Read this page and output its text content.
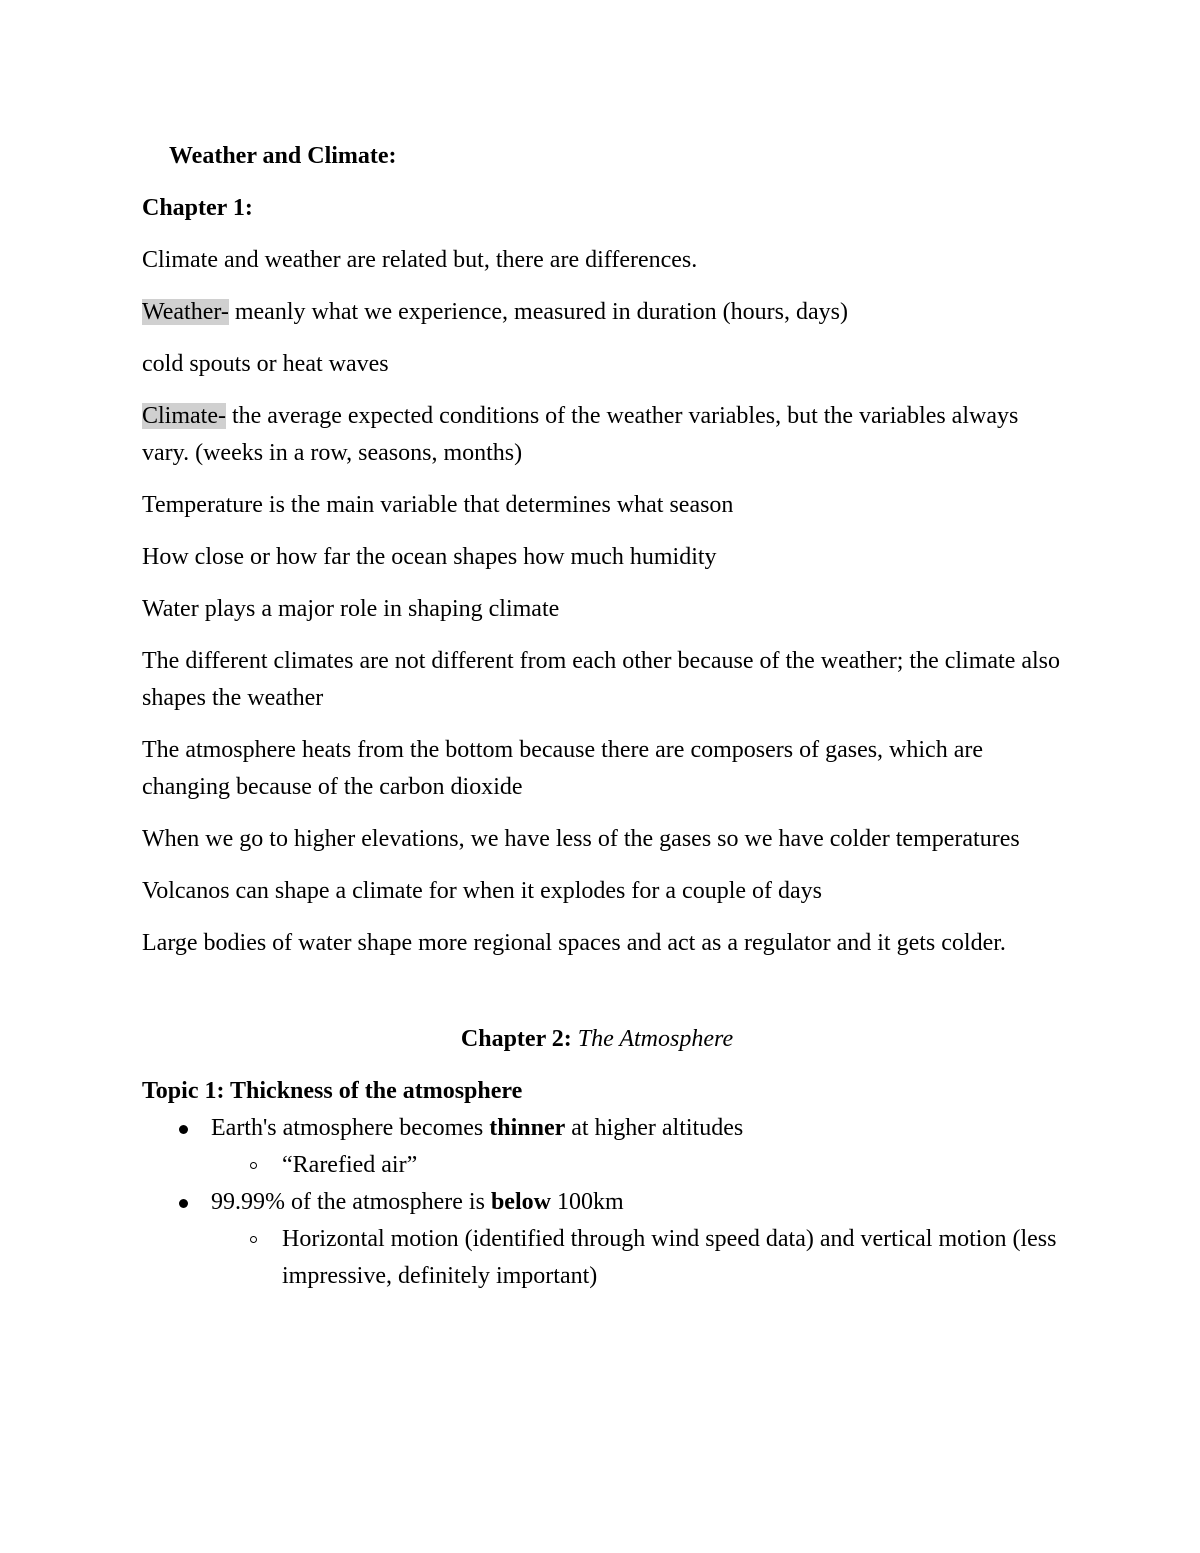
Weather and Climate:
Chapter 1:
Climate and weather are related but, there are differences.
Weather- meanly what we experience, measured in duration (hours, days)
cold spouts or heat waves
Climate- the average expected conditions of the weather variables, but the variables always vary. (weeks in a row, seasons, months)
Temperature is the main variable that determines what season
How close or how far the ocean shapes how much humidity
Water plays a major role in shaping climate
The different climates are not different from each other because of the weather; the climate also shapes the weather
The atmosphere heats from the bottom because there are composers of gases, which are changing because of the carbon dioxide
When we go to higher elevations, we have less of the gases so we have colder temperatures
Volcanos can shape a climate for when it explodes for a couple of days
Large bodies of water shape more regional spaces and act as a regulator and it gets colder.
Chapter 2: The Atmosphere
Topic 1: Thickness of the atmosphere
Earth's atmosphere becomes thinner at higher altitudes
“Rarefied air”
99.99% of the atmosphere is below 100km
Horizontal motion (identified through wind speed data) and vertical motion (less impressive, definitely important)
